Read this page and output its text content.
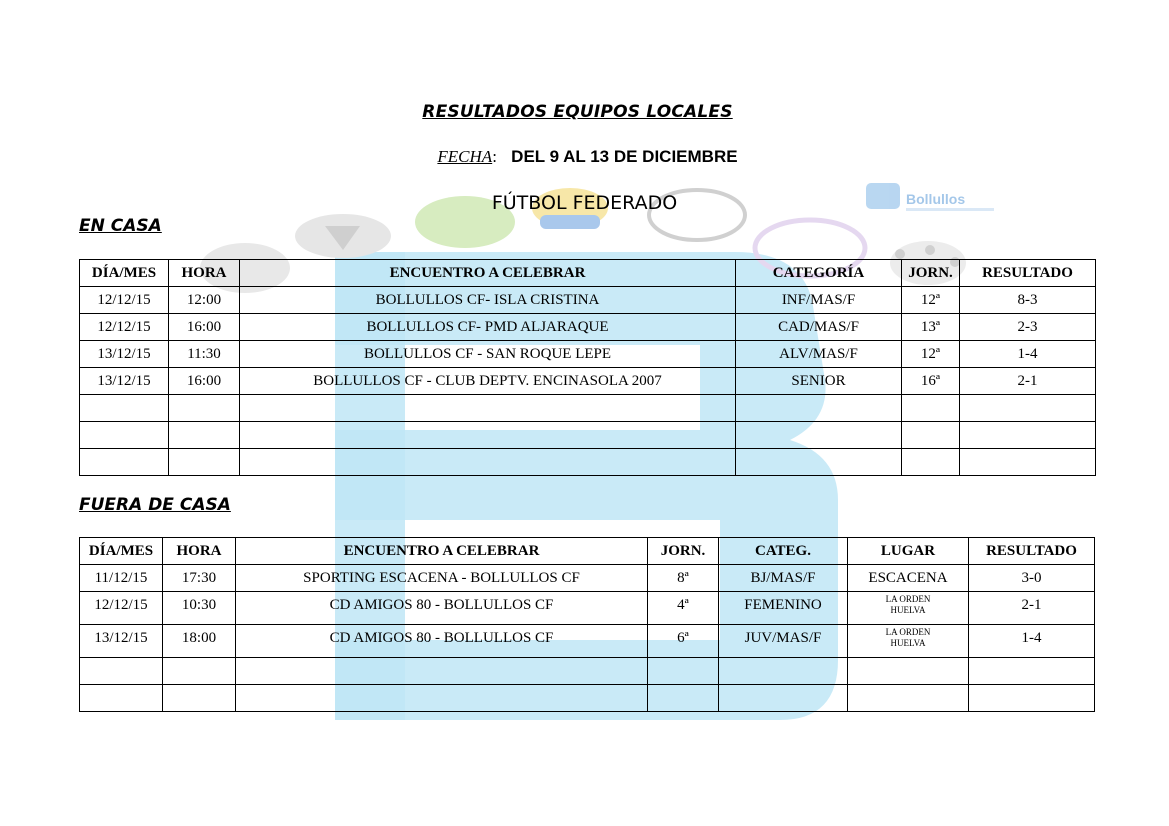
Bollullos
RESULTADOS EQUIPOS LOCALES
FECHA: DEL 9 AL 13 DE DICIEMBRE
FÚTBOL FEDERADO
EN CASA
DÍA/MES	HORA	ENCUENTRO A CELEBRAR	CATEGORÍA	JORN.	RESULTADO
12/12/15	12:00	BOLLULLOS CF- ISLA CRISTINA	INF/MAS/F	12ª	8-3
12/12/15	16:00	BOLLULLOS CF- PMD ALJARAQUE	CAD/MAS/F	13ª	2-3
13/12/15	11:30	BOLLULLOS CF - SAN ROQUE LEPE	ALV/MAS/F	12ª	1-4
13/12/15	16:00	BOLLULLOS CF - CLUB DEPTV. ENCINASOLA 2007	SENIOR	16ª	2-1

FUERA DE CASA
DÍA/MES	HORA	ENCUENTRO A CELEBRAR	JORN.	CATEG.	LUGAR	RESULTADO
11/12/15	17:30	SPORTING ESCACENA - BOLLULLOS CF	8ª	BJ/MAS/F	ESCACENA	3-0
12/12/15	10:30	CD AMIGOS 80 - BOLLULLOS CF	4ª	FEMENINO	LA ORDEN
HUELVA	2-1
13/12/15	18:00	CD AMIGOS 80 - BOLLULLOS CF	6ª	JUV/MAS/F	LA ORDEN
HUELVA	1-4
